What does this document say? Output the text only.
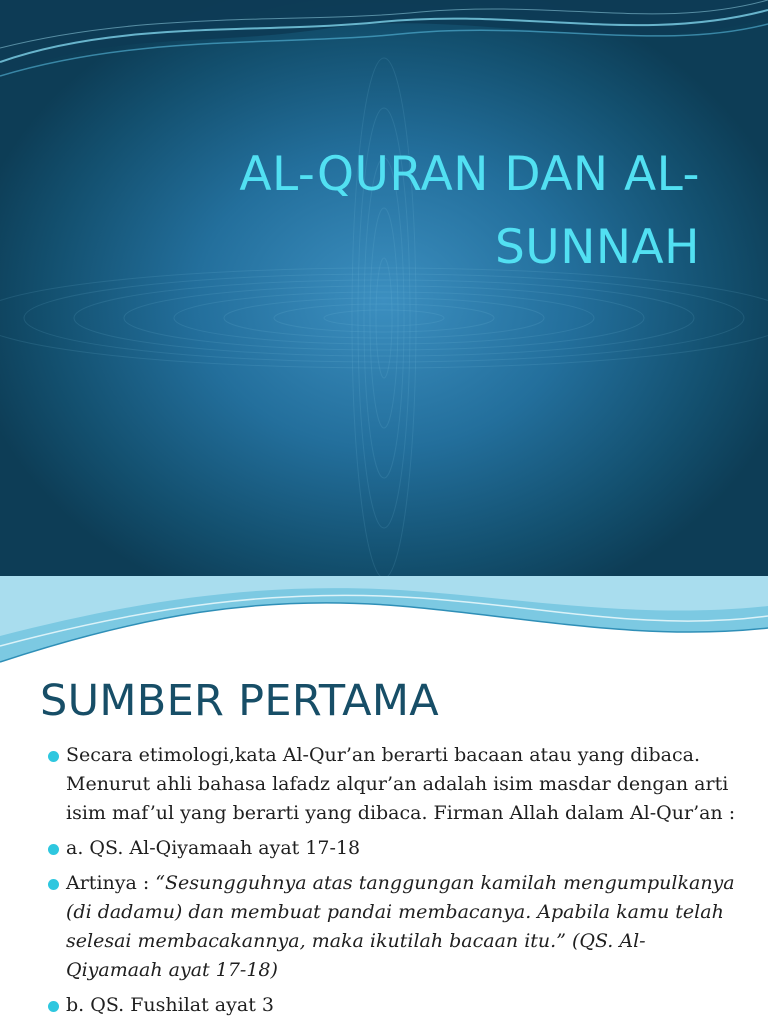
AL-QURAN DAN AL-
SUNNAH
SUMBER PERTAMA
Secara etimologi,kata Al-Qur’an berarti bacaan atau yang dibaca. Menurut ahli bahasa lafadz alqur’an adalah isim masdar dengan arti isim maf’ul yang berarti yang dibaca. Firman Allah dalam Al-Qur’an :
a. QS. Al-Qiyamaah ayat 17-18
Artinya : “Sesungguhnya atas tanggungan kamilah mengumpulkanya (di dadamu) dan membuat pandai membacanya. Apabila kamu telah selesai membacakannya, maka ikutilah bacaan itu.” (QS. Al-Qiyamaah ayat 17-18)
b. QS. Fushilat ayat 3
